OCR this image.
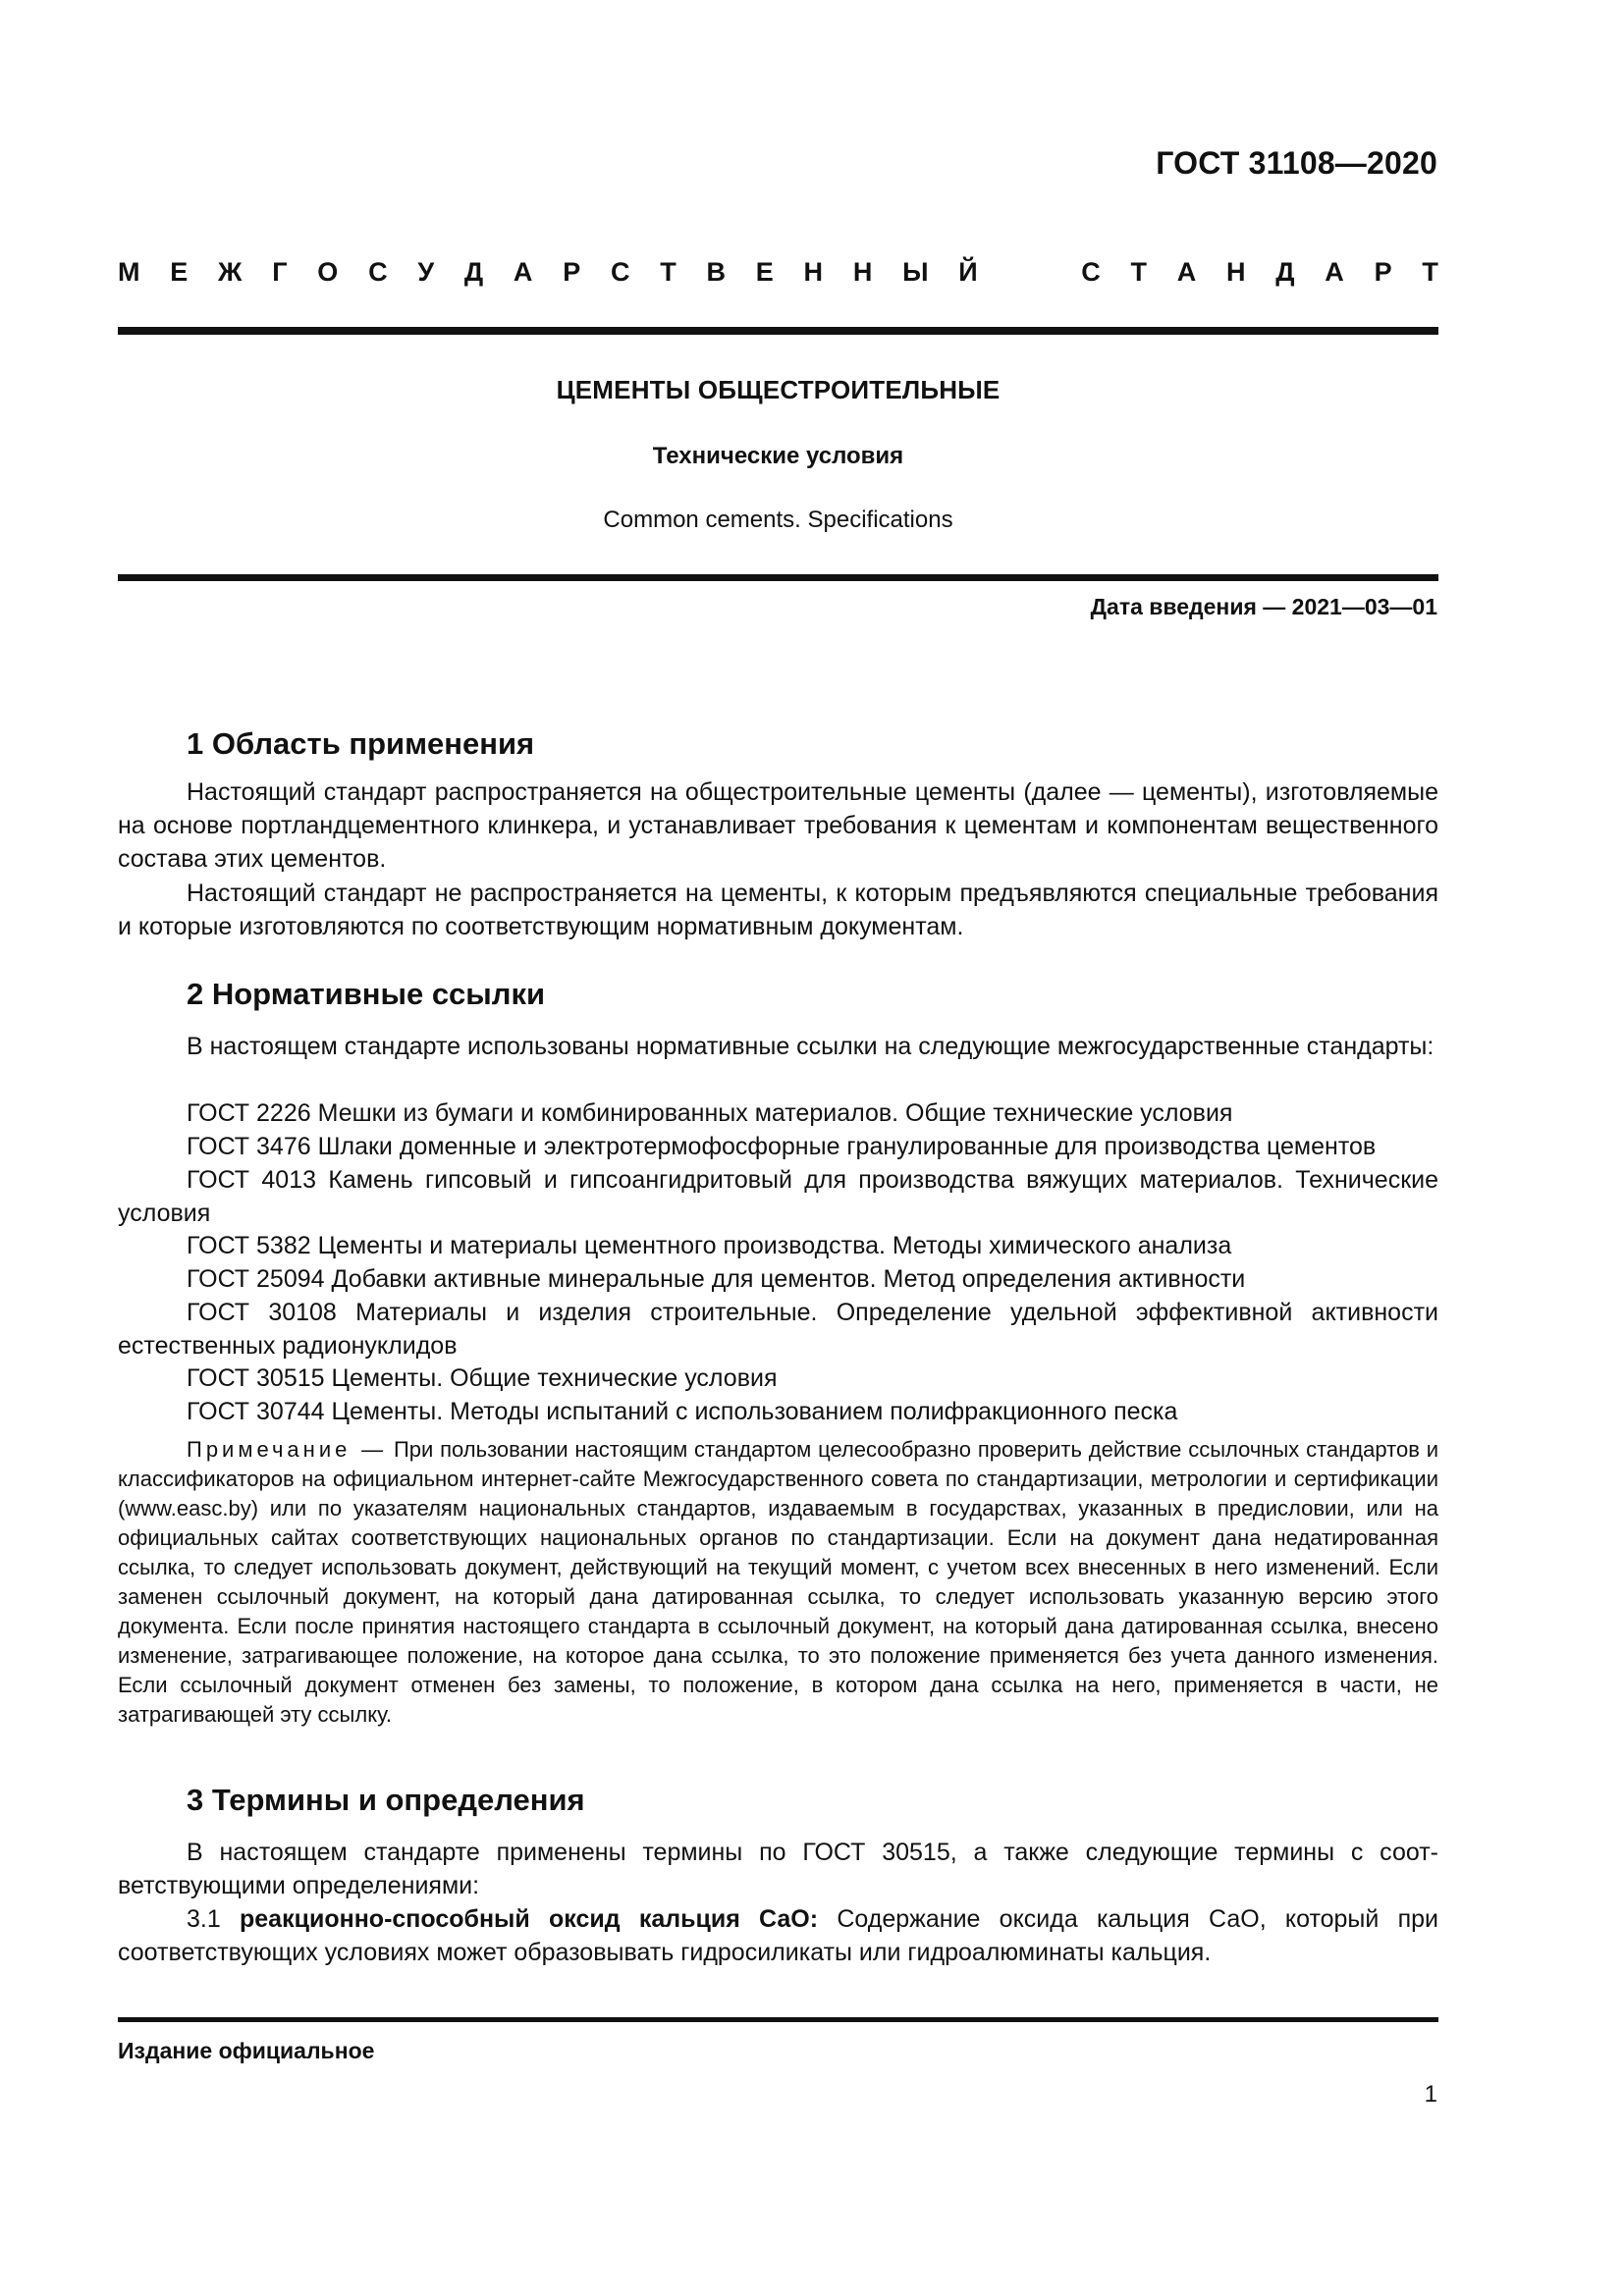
ГОСТ 31108—2020
М Е Ж Г О С У Д А Р С Т В Е Н Н Ы Й	С Т А Н Д А Р Т
ЦЕМЕНТЫ ОБЩЕСТРОИТЕЛЬНЫЕ
Технические условия
Common cements. Specifications
Дата введения — 2021—03—01
1 Область применения
Настоящий стандарт распространяется на общестроительные цементы (далее — цементы), изготовляемые на основе портландцементного клинкера, и устанавливает требования к цементам и компонентам вещественного состава этих цементов.
Настоящий стандарт не распространяется на цементы, к которым предъявляются специальные требования и которые изготовляются по соответствующим нормативным документам.
2 Нормативные ссылки
В настоящем стандарте использованы нормативные ссылки на следующие межгосударственные стандарты:
ГОСТ 2226 Мешки из бумаги и комбинированных материалов. Общие технические условия
ГОСТ 3476 Шлаки доменные и электротермофосфорные гранулированные для производства цементов
ГОСТ 4013 Камень гипсовый и гипсоангидритовый для производства вяжущих материалов. Технические условия
ГОСТ 5382 Цементы и материалы цементного производства. Методы химического анализа
ГОСТ 25094 Добавки активные минеральные для цементов. Метод определения активности
ГОСТ 30108 Материалы и изделия строительные. Определение удельной эффективной активности естественных радионуклидов
ГОСТ 30515 Цементы. Общие технические условия
ГОСТ 30744 Цементы. Методы испытаний с использованием полифракционного песка
Примечание — При пользовании настоящим стандартом целесообразно проверить действие ссылочных стандартов и классификаторов на официальном интернет-сайте Межгосударственного совета по стандартизации, метрологии и сертификации (www.easc.by) или по указателям национальных стандартов, издаваемым в государствах, указанных в предисловии, или на официальных сайтах соответствующих национальных органов по стандартизации. Если на документ дана недатированная ссылка, то следует использовать документ, действующий на текущий момент, с учетом всех внесенных в него изменений. Если заменен ссылочный документ, на который дана датированная ссылка, то следует использовать указанную версию этого документа. Если после принятия настоящего стандарта в ссылочный документ, на который дана датированная ссылка, внесено изменение, затрагивающее положение, на которое дана ссылка, то это положение применяется без учета данного изменения. Если ссылочный документ отменен без замены, то положение, в котором дана ссылка на него, применяется в части, не затрагивающей эту ссылку.
3 Термины и определения
В настоящем стандарте применены термины по ГОСТ 30515, а также следующие термины с соответствующими определениями:
3.1 реакционно-способный оксид кальция СаО: Содержание оксида кальция СаО, который при соответствующих условиях может образовывать гидросиликаты или гидроалюминаты кальция.
Издание официальное
1
